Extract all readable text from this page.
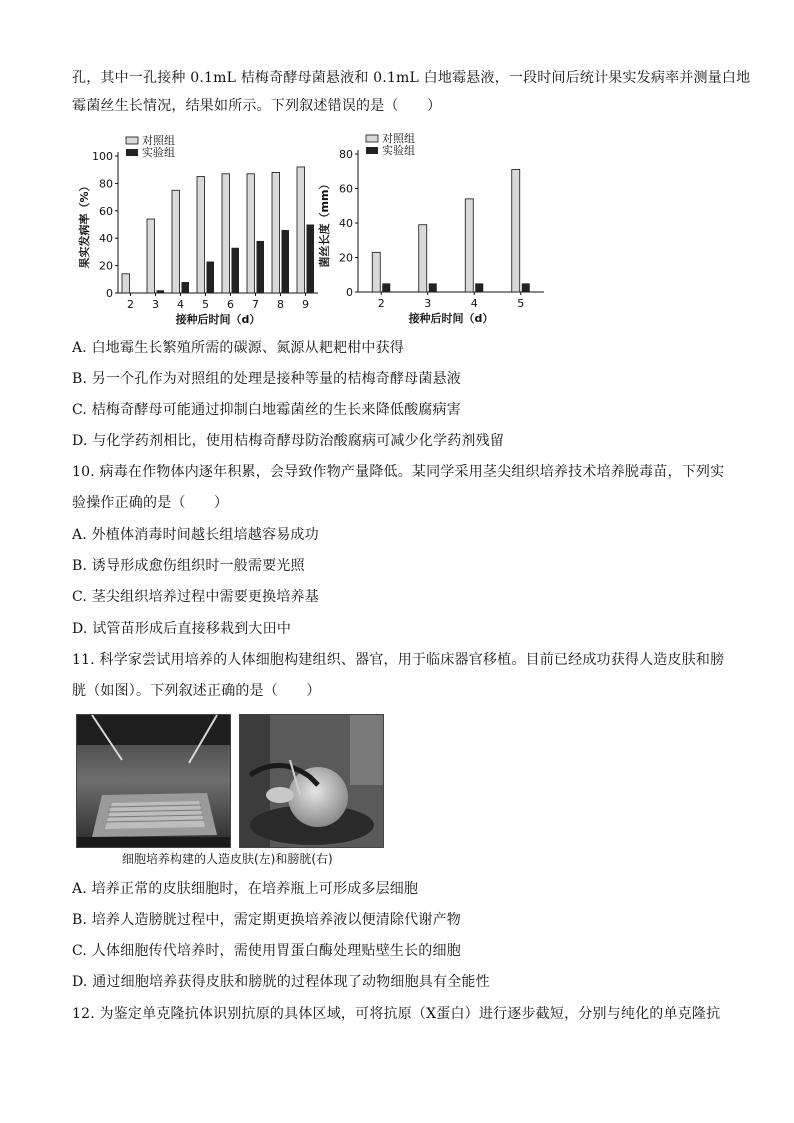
孔，其中一孔接种 0.1mL 桔梅奇酵母菌悬液和 0.1mL 白地霉悬液，一段时间后统计果实发病率并测量白地
霉菌丝生长情况，结果如所示。下列叙述错误的是（　　）
0
20
40
60
80
100
2 3 4 5 6 7 8 9
接种后时间（d）
果实发病率（%）
对照组
实验组
0
20
40
60
80
2	3	4	5
接种后时间（d）
菌丝长度（mm）
对照组
实验组
A. 白地霉生长繁殖所需的碳源、氮源从耙耙柑中获得
B. 另一个孔作为对照组的处理是接种等量的桔梅奇酵母菌悬液
C. 桔梅奇酵母可能通过抑制白地霉菌丝的生长来降低酸腐病害
D. 与化学药剂相比，使用桔梅奇酵母防治酸腐病可减少化学药剂残留
10. 病毒在作物体内逐年积累，会导致作物产量降低。某同学采用茎尖组织培养技术培养脱毒苗，下列实
验操作正确的是（　　）
A. 外植体消毒时间越长组培越容易成功
B. 诱导形成愈伤组织时一般需要光照
C. 茎尖组织培养过程中需要更换培养基
D. 试管苗形成后直接移栽到大田中
11. 科学家尝试用培养的人体细胞构建组织、器官，用于临床器官移植。目前已经成功获得人造皮肤和膀
胱（如图）。下列叙述正确的是（　　）
细胞培养构建的人造皮肤(左)和膀胱(右)
A. 培养正常的皮肤细胞时，在培养瓶上可形成多层细胞
B. 培养人造膀胱过程中，需定期更换培养液以便清除代谢产物
C. 人体细胞传代培养时，需使用胃蛋白酶处理贴壁生长的细胞
D. 通过细胞培养获得皮肤和膀胱的过程体现了动物细胞具有全能性
12. 为鉴定单克隆抗体识别抗原的具体区域，可将抗原（X蛋白）进行逐步截短，分别与纯化的单克隆抗
